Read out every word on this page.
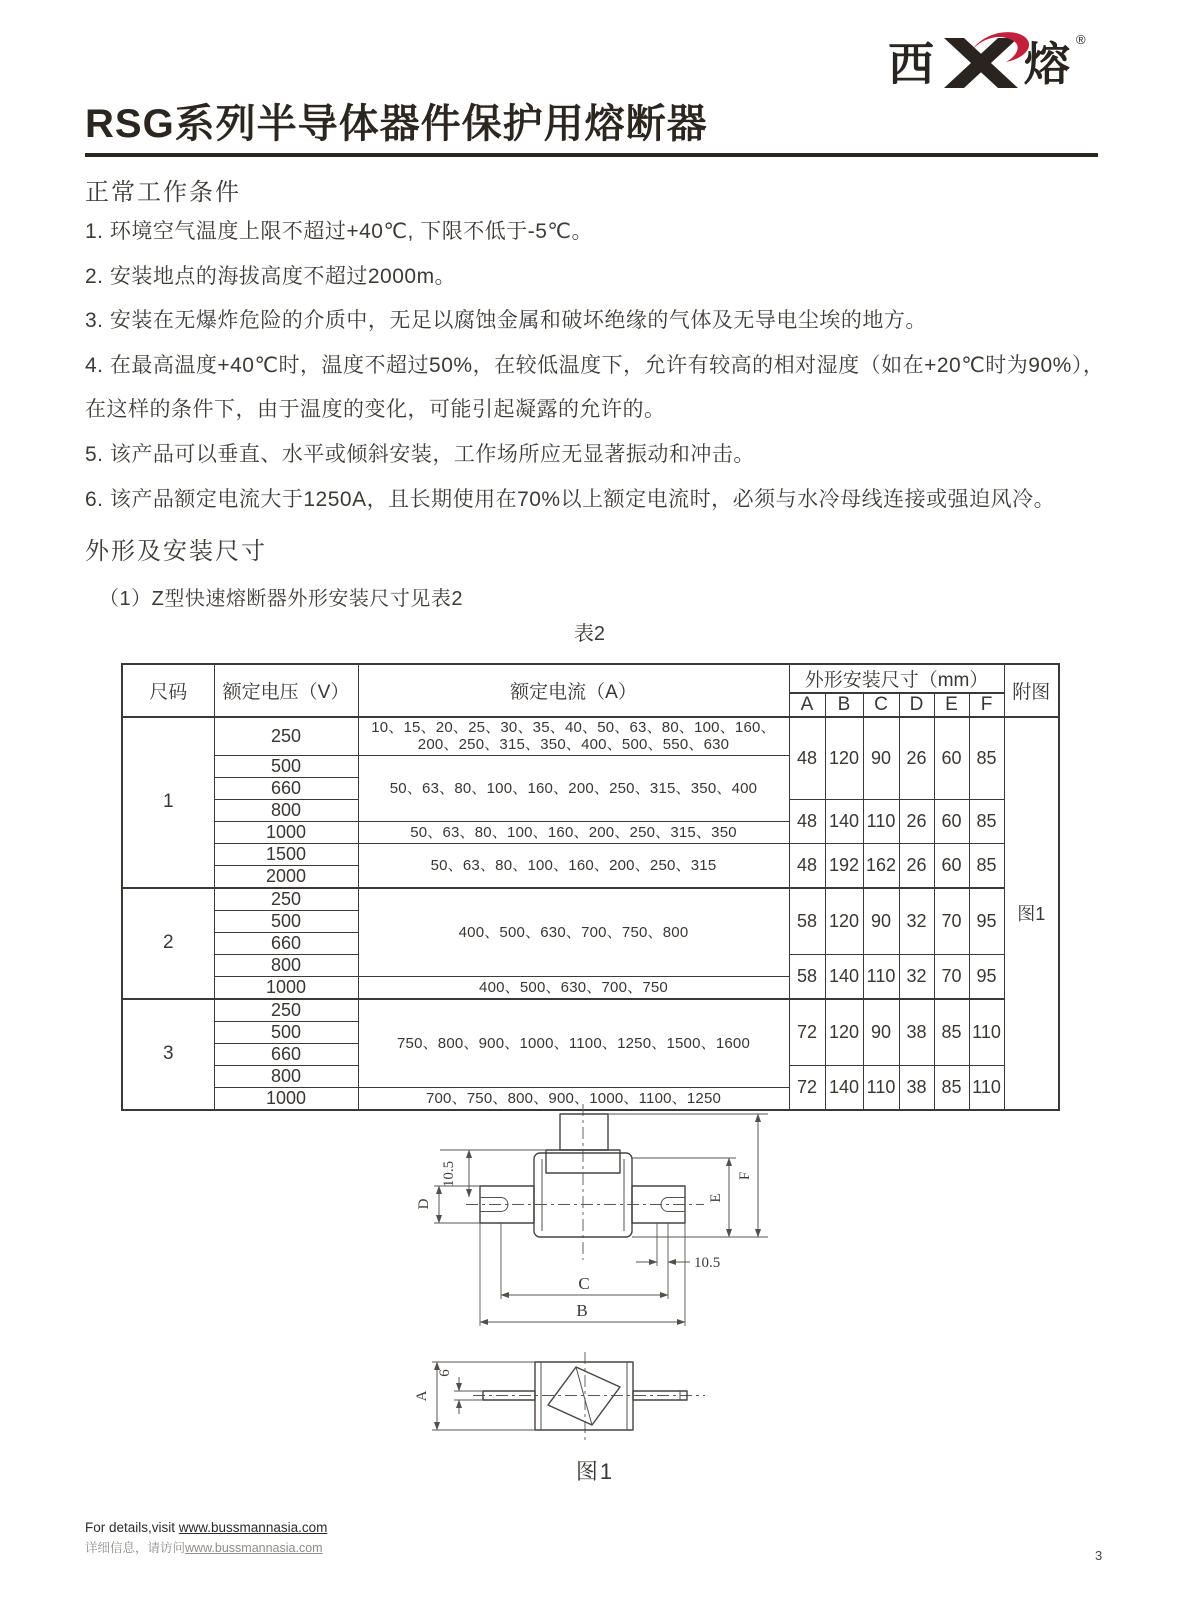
西 熔 ®
RSG系列半导体器件保护用熔断器
正常工作条件
1. 环境空气温度上限不超过+40℃, 下限不低于-5℃。
2. 安装地点的海拔高度不超过2000m。
3. 安装在无爆炸危险的介质中，无足以腐蚀金属和破坏绝缘的气体及无导电尘埃的地方。
4. 在最高温度+40℃时，温度不超过50%，在较低温度下，允许有较高的相对湿度（如在+20℃时为90%），
在这样的条件下，由于温度的变化，可能引起凝露的允许的。
5. 该产品可以垂直、水平或倾斜安装，工作场所应无显著振动和冲击。
6. 该产品额定电流大于1250A，且长期使用在70%以上额定电流时，必须与水冷母线连接或强迫风冷。
外形及安装尺寸
（1）Z型快速熔断器外形安装尺寸见表2
表2
尺码	额定电压（V）	额定电流（A）	外形安装尺寸（mm）						附图
			A	B	C	D	E	F	
1	250	10、15、20、25、30、35、40、50、63、80、100、160、200、250、315、350、400、500、550、630	48	120	90	26	60	85	图1
	500	50、63、80、100、160、200、250、315、350、400							
	660								
	800		48	140	110	26	60	85	
	1000	50、63、80、100、160、200、250、315、350							
	1500	50、63、80、100、160、200、250、315	48	192	162	26	60	85	
	2000								
2	250	400、500、630、700、750、800	58	120	90	32	70	95	
	500								
	660								
	800		58	140	110	32	70	95	
	1000	400、500、630、700、750							
3	250	750、800、900、1000、1100、1250、1500、1600	72	120	90	38	85	110	
	500								
	660								
	800		72	140	110	38	85	110	
	1000	700、750、800、900、1000、1100、1250							
D
10.5
E
F
10.5
C
B
A
6
图1
For details,visit www.bussmannasia.com
详细信息，请访问www.bussmannasia.com	3
